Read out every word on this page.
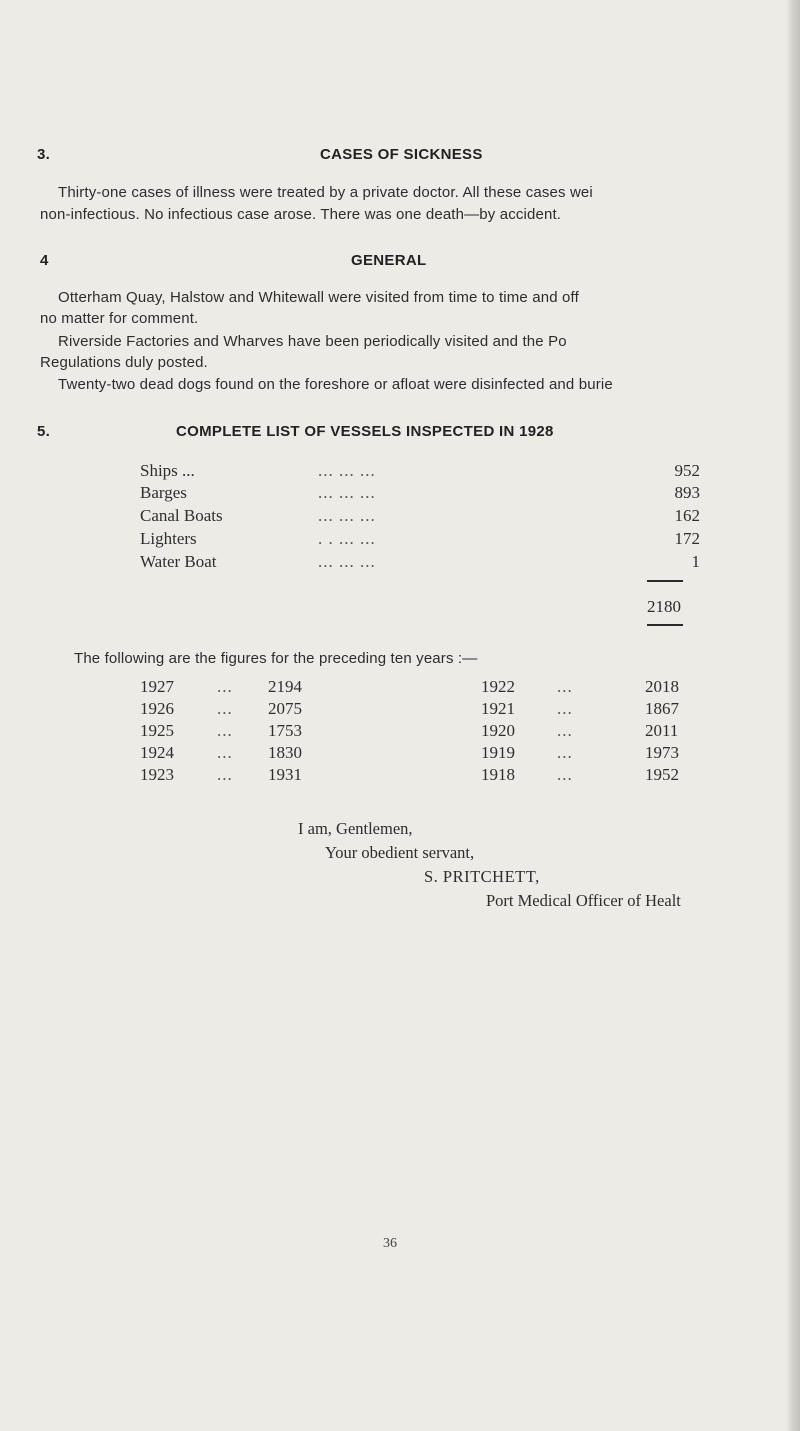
3.	CASES OF SICKNESS
Thirty-one cases of illness were treated by a private doctor. All these cases wei
non-infectious. No infectious case arose. There was one death—by accident.
4	GENERAL
Otterham Quay, Halstow and Whitewall were visited from time to time and off
no matter for comment.
Riverside Factories and Wharves have been periodically visited and the Po
Regulations duly posted.
Twenty-two dead dogs found on the foreshore or afloat were disinfected and burie
5.	COMPLETE LIST OF VESSELS INSPECTED IN 1928
Ships ...	... ... ...	952
Barges	... ... ...	893
Canal Boats	... ... ...	162
Lighters	. . ... ...	172
Water Boat	... ... ...	1
2180
The following are the figures for the preceding ten years :—
1927	... 2194	1922 ...	2018
1926	... 2075	1921 ...	1867
1925	... 1753	1920 ...	2011
1924	... 1830	1919 ...	1973
1923	... 1931	1918 ...	1952
I am, Gentlemen,
Your obedient servant,
S. PRITCHETT,
Port Medical Officer of Healt
36
